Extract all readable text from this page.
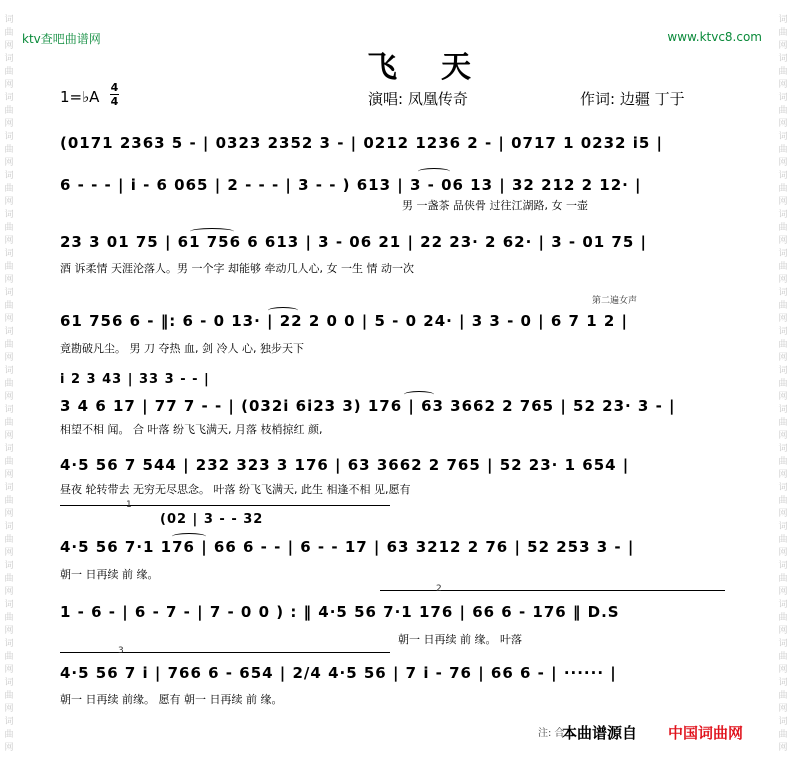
ktv查吧曲谱网	www.ktvc8.com
词
曲
网
词
曲
网
词
曲
网
词
曲
网
词
曲
网
词
曲
网
词
曲
网
词
曲
网
词
曲
网
词
曲
网
词
曲
网
词
曲
网
词
曲
网
词
曲
网
词
曲
网
词
曲
网
词
曲
网
词
曲
网
词
曲
网
词
曲
网
词
曲
网
词
曲
网
词
曲
网
词
曲
网
词
曲
网
词
曲
网
词
曲
网
词
曲
网
词
曲
网
词
曲
网
词
曲
网
词
曲
网
词
曲
网
词
曲
网
词
曲
网
词
曲
网
词
曲
网
词
曲
网
飞天
1=♭A
4
4	演唱: 凤凰传奇	作词: 边疆 丁于
第二遍女声
i 2 3 43 | 33 3 - - |
(02 | 3 - - 32
1
2
3
(0171 2363 5 - | 0323 2352 3 - | 0212 1236 2 - | 0717 1 0232 i5 |
6 - - - | i - 6 065 | 2 - - - | 3 - - ) 613 | 3 - 06 13 | 32 212 2 12· |
男 一盏茶 品侠骨 过往江湖路, 女 一壶
23 3 01 75 | 61 756 6 613 | 3 - 06 21 | 22 23· 2 62· | 3 - 01 75 |
酒 诉柔情 天涯沦落人。男 一个字 却能够 牵动几人心, 女 一生 情 动一次
61 756 6 - ‖: 6 - 0 13· | 22 2 0 0 | 5 - 0 24· | 3 3 - 0 | 6 7 1 2 |
竟勘破凡尘。 男 刀 夺热 血, 剑 冷人 心, 独步天下
3 4 6 17 | 77 7 - - | (032i 6i23 3) 176 | 63 3662 2 765 | 52 23· 3 - |
相望不相 闻。 合 叶落 纷飞飞满天, 月落 枝梢掠红 颜,
4·5 56 7 544 | 232 323 3 176 | 63 3662 2 765 | 52 23· 1 654 |
昼夜 轮转带去 无穷无尽思念。 叶落 纷飞飞满天, 此生 相逢不相 见,愿有
4·5 56 7·1 176 | 66 6 - - | 6 - - 17 | 63 3212 2 76 | 52 253 3 - |
朝一 日再续 前 缘。
1 - 6 - | 6 - 7 - | 7 - 0 0 ) : ‖ 4·5 56 7·1 176 | 66 6 - 176 ‖ D.S
朝一 日再续 前 缘。 叶落
4·5 56 7 i | 766 6 - 654 | 2/4 4·5 56 | 7 i - 76 | 66 6 - | ······ |
朝一 日再续 前缘。 愿有 朝一 日再续 前 缘。
注: 合
本曲谱源自 中国词曲网
